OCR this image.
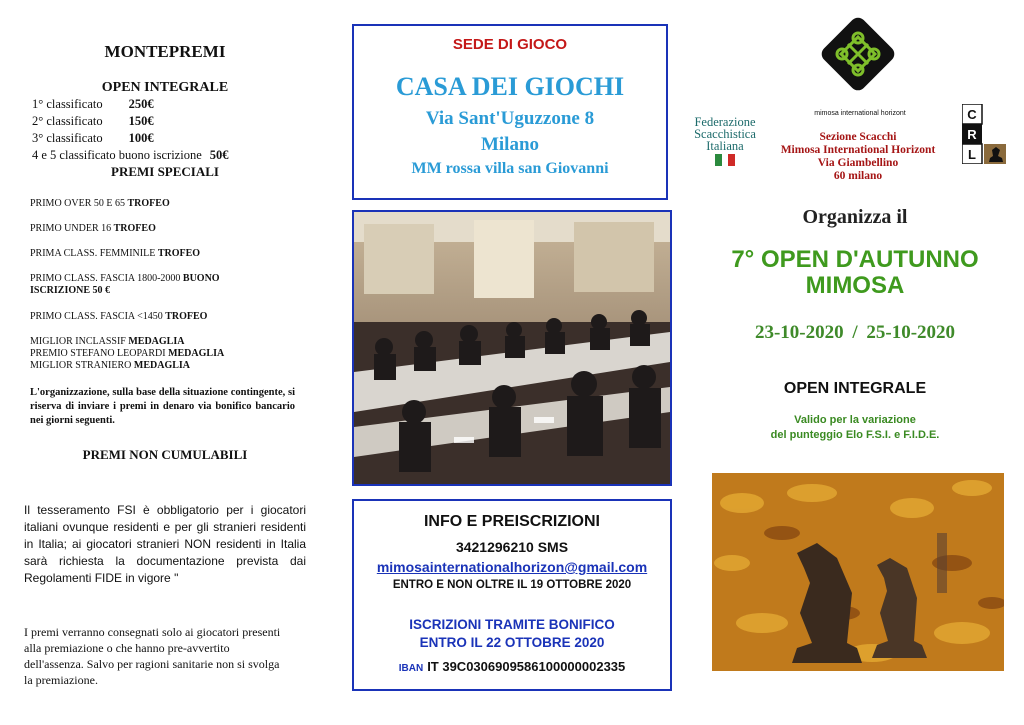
MONTEPREMI
OPEN INTEGRALE
1° classificato 250€
2° classificato 150€
3° classificato 100€
4 e 5 classificato buono iscrizione 50€
PREMI SPECIALI
PRIMO OVER 50 E 65 TROFEO
PRIMO UNDER 16 TROFEO
PRIMA CLASS. FEMMINILE TROFEO
PRIMO CLASS. FASCIA 1800-2000 BUONO ISCRIZIONE 50 €
PRIMO CLASS. FASCIA <1450 TROFEO
MIGLIOR INCLASSIF MEDAGLIA
PREMIO STEFANO LEOPARDI MEDAGLIA
MIGLIOR STRANIERO MEDAGLIA
L'organizzazione, sulla base della situazione contingente, si riserva di inviare i premi in denaro via bonifico bancario nei giorni seguenti.
PREMI NON CUMULABILI
Il tesseramento FSI è obbligatorio per i giocatori italiani ovunque residenti e per gli stranieri residenti in Italia; ai giocatori stranieri NON residenti in Italia sarà richiesta la documentazione prevista dai Regolamenti FIDE in vigore "
I premi verranno consegnati solo ai giocatori presenti alla premiazione o che hanno pre-avvertito dell'assenza. Salvo per ragioni sanitarie non si svolga la premiazione.
SEDE DI GIOCO
CASA DEI GIOCHI
Via Sant'Uguzzone 8
Milano
MM rossa villa san Giovanni
INFO E PREISCRIZIONI
3421296210 SMS
mimosainternationalhorizon@gmail.com
ENTRO E NON OLTRE IL 19 OTTOBRE 2020
ISCRIZIONI TRAMITE BONIFICO
ENTRO IL 22 OTTOBRE 2020
IBAN IT 39C0306909586100000002335
mimosa international horizont
Federazione Scacchistica Italiana
Sezione Scacchi
Mimosa International Horizont
Via Giambellino
60 milano
C
R
L
Organizza il
7° OPEN D'AUTUNNO
MIMOSA
23-10-2020 / 25-10-2020
OPEN INTEGRALE
Valido per la variazione
del punteggio Elo F.S.I. e F.I.D.E.
